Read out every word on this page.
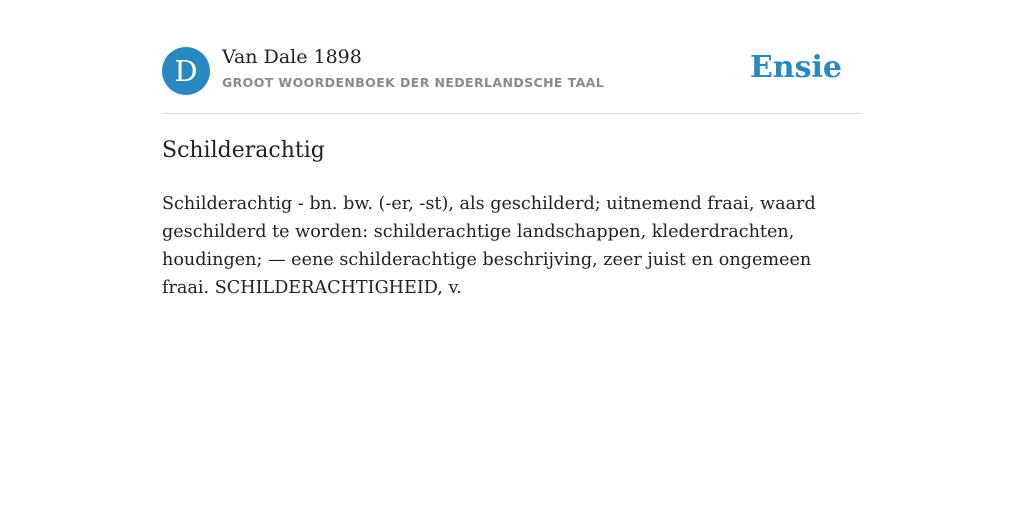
D	Van Dale 1898
GROOT WOORDENBOEK DER NEDERLANDSCHE TAAL	Ensie
Schilderachtig

Schilderachtig - bn. bw. (-er, -st), als geschilderd; uitnemend fraai, waard geschilderd te worden: schilderachtige landschappen, klederdrachten, houdingen; — eene schilderachtige beschrijving, zeer juist en ongemeen fraai. SCHILDERACHTIGHEID, v.
